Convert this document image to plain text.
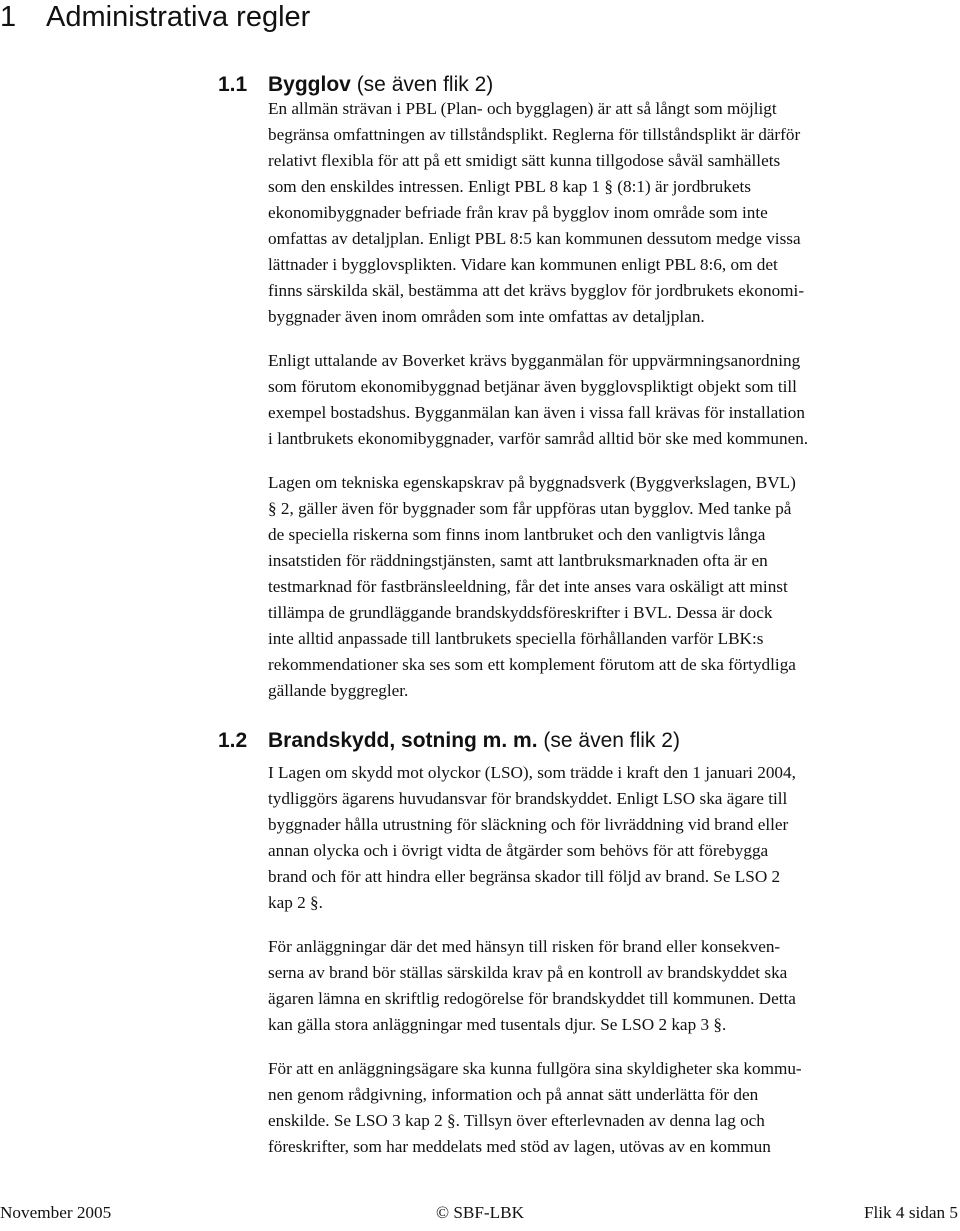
1 Administrativa regler
1.1 Bygglov (se även flik 2)

En allmän strävan i PBL (Plan- och bygglagen) är att så långt som möjligt
begränsa omfattningen av tillståndsplikt. Reglerna för tillståndsplikt är därför
relativt flexibla för att på ett smidigt sätt kunna tillgodose såväl samhällets
som den enskildes intressen. Enligt PBL 8 kap 1 § (8:1) är jordbrukets
ekonomibyggnader befriade från krav på bygglov inom område som inte
omfattas av detaljplan. Enligt PBL 8:5 kan kommunen dessutom medge vissa
lättnader i bygglovsplikten. Vidare kan kommunen enligt PBL 8:6, om det
finns särskilda skäl, bestämma att det krävs bygglov för jordbrukets ekonomi-
byggnader även inom områden som inte omfattas av detaljplan.

Enligt uttalande av Boverket krävs bygganmälan för uppvärmningsanordning
som förutom ekonomibyggnad betjänar även bygglovspliktigt objekt som till
exempel bostadshus. Bygganmälan kan även i vissa fall krävas för installation
i lantbrukets ekonomibyggnader, varför samråd alltid bör ske med kommunen.

Lagen om tekniska egenskapskrav på byggnadsverk (Byggverkslagen, BVL)
§ 2, gäller även för byggnader som får uppföras utan bygglov. Med tanke på
de speciella riskerna som finns inom lantbruket och den vanligtvis långa
insatstiden för räddningstjänsten, samt att lantbruksmarknaden ofta är en
testmarknad för fastbränsleeldning, får det inte anses vara oskäligt att minst
tillämpa de grundläggande brandskyddsföreskrifter i BVL. Dessa är dock
inte alltid anpassade till lantbrukets speciella förhållanden varför LBK:s
rekommendationer ska ses som ett komplement förutom att de ska förtydliga
gällande byggregler.

1.2 Brandskydd, sotning m. m. (se även flik 2)

I Lagen om skydd mot olyckor (LSO), som trädde i kraft den 1 januari 2004,
tydliggörs ägarens huvudansvar för brandskyddet. Enligt LSO ska ägare till
byggnader hålla utrustning för släckning och för livräddning vid brand eller
annan olycka och i övrigt vidta de åtgärder som behövs för att förebygga
brand och för att hindra eller begränsa skador till följd av brand. Se LSO 2
kap 2 §.

För anläggningar där det med hänsyn till risken för brand eller konsekven-
serna av brand bör ställas särskilda krav på en kontroll av brandskyddet ska
ägaren lämna en skriftlig redogörelse för brandskyddet till kommunen. Detta
kan gälla stora anläggningar med tusentals djur. Se LSO 2 kap 3 §.

För att en anläggningsägare ska kunna fullgöra sina skyldigheter ska kommu-
nen genom rådgivning, information och på annat sätt underlätta för den
enskilde. Se LSO 3 kap 2 §. Tillsyn över efterlevnaden av denna lag och
föreskrifter, som har meddelats med stöd av lagen, utövas av en kommun

November 2005	© SBF-LBK	Flik 4 sidan 5
